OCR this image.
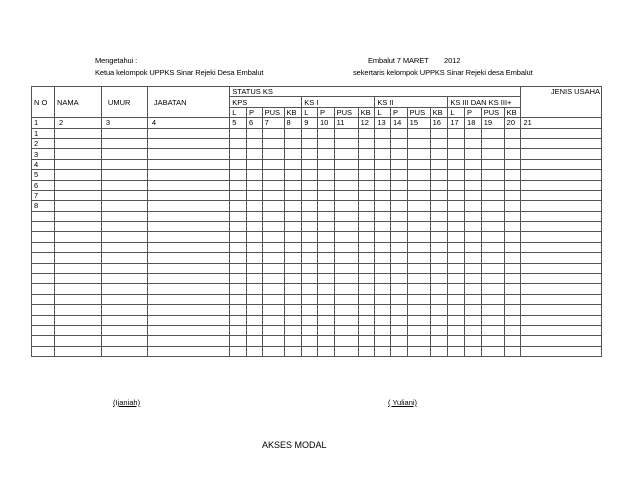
Mengetahui :
Ketua kelompok UPPKS Sinar Rejeki Desa Embalut
Embalut 7 MARET 2012
sekertaris kelompok UPPKS Sinar Rejeki desa Embalut
				STATUS KS																JENIS USAHA
N O	NAMA	UMUR	JABATAN	KPS				KS I				KS II				KS III DAN KS III+				
				L	P	PUS	KB	L	P	PUS	KB	L	P	PUS	KB	L	P	PUS	KB	
1	2	3	4	5	6	7	8	9	10	11	12	13	14	15	16	17	18	19	20	21
1																				
2																				
3																				
4																				
5																				
6																				
7																				
8																				

(Ijaniah)	( Yuliani)
AKSES MODAL
